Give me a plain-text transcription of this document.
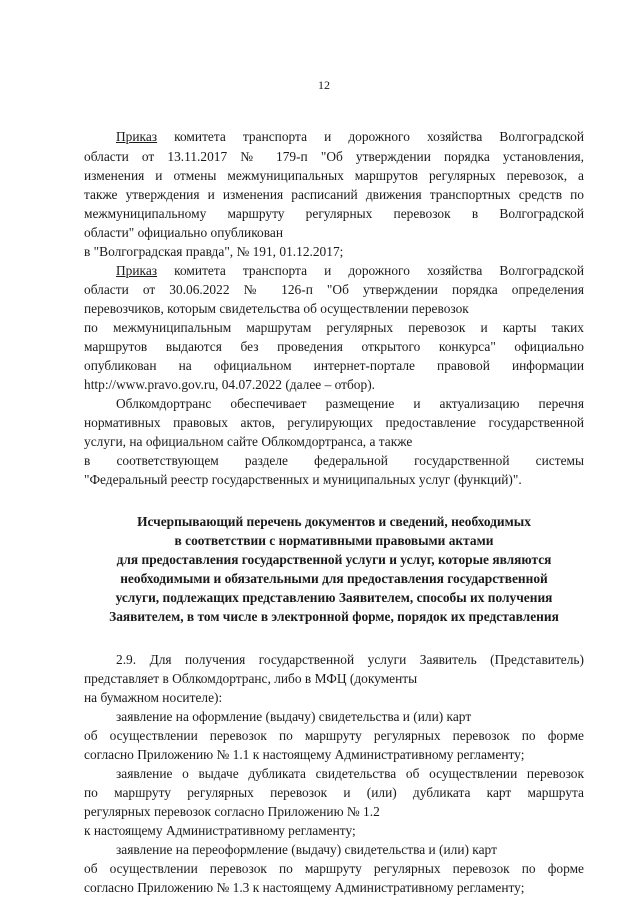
12
Приказ комитета транспорта и дорожного хозяйства Волгоградской
области от 13.11.2017 № 179-п "Об утверждении порядка установления,
изменения и отмены межмуниципальных маршрутов регулярных перевозок, а
также утверждения и изменения расписаний движения транспортных средств по
межмуниципальному маршруту регулярных перевозок в Волгоградской
области" официально опубликован
в "Волгоградская правда", № 191, 01.12.2017;
Приказ комитета транспорта и дорожного хозяйства Волгоградской
области от 30.06.2022 № 126-п "Об утверждении порядка определения
перевозчиков, которым свидетельства об осуществлении перевозок
по межмуниципальным маршрутам регулярных перевозок и карты таких
маршрутов выдаются без проведения открытого конкурса" официально
опубликован на официальном интернет-портале правовой информации
http://www.pravo.gov.ru, 04.07.2022 (далее – отбор).
Облкомдортранс обеспечивает размещение и актуализацию перечня
нормативных правовых актов, регулирующих предоставление государственной
услуги, на официальном сайте Облкомдортранса, а также
в соответствующем разделе федеральной государственной системы
"Федеральный реестр государственных и муниципальных услуг (функций)".
Исчерпывающий перечень документов и сведений, необходимых
в соответствии с нормативными правовыми актами
для предоставления государственной услуги и услуг, которые являются
необходимыми и обязательными для предоставления государственной
услуги, подлежащих представлению Заявителем, способы их получения
Заявителем, в том числе в электронной форме, порядок их представления
2.9. Для получения государственной услуги Заявитель (Представитель)
представляет в Облкомдортранс, либо в МФЦ (документы
на бумажном носителе):
заявление на оформление (выдачу) свидетельства и (или) карт
об осуществлении перевозок по маршруту регулярных перевозок по форме
согласно Приложению № 1.1 к настоящему Административному регламенту;
заявление о выдаче дубликата свидетельства об осуществлении перевозок
по маршруту регулярных перевозок и (или) дубликата карт маршрута
регулярных перевозок согласно Приложению № 1.2
к настоящему Административному регламенту;
заявление на переоформление (выдачу) свидетельства и (или) карт
об осуществлении перевозок по маршруту регулярных перевозок по форме
согласно Приложению № 1.3 к настоящему Административному регламенту;
